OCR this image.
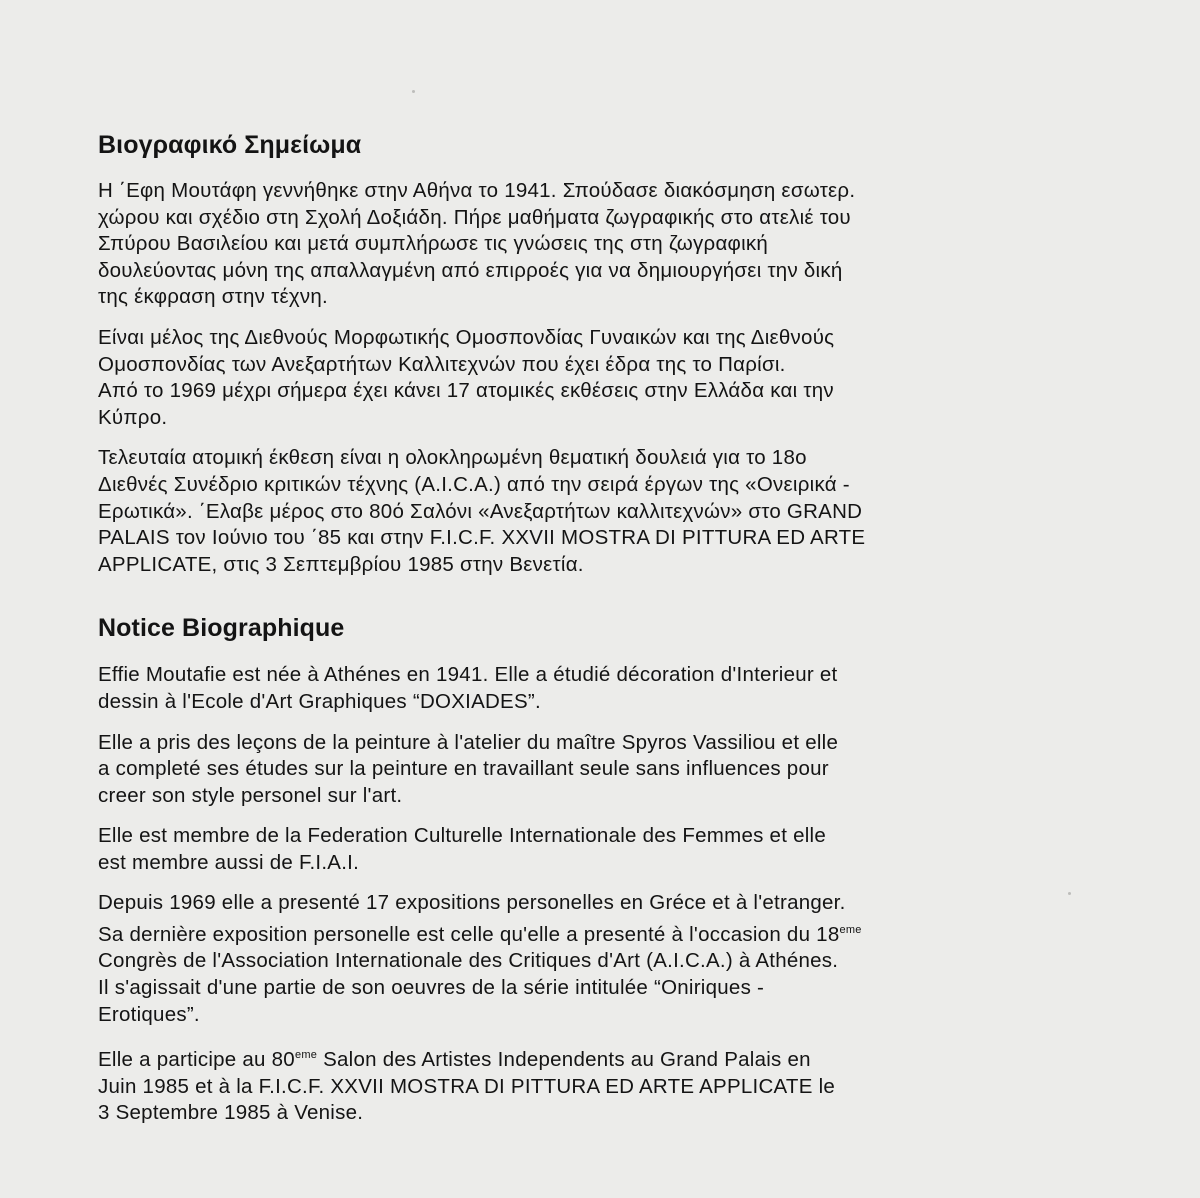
Βιογραφικό Σημείωμα

Η ΄Εφη Μουτάφη γεννήθηκε στην Αθήνα το 1941. Σπούδασε διακόσμηση εσωτερ.
χώρου και σχέδιο στη Σχολή Δοξιάδη. Πήρε μαθήματα ζωγραφικής στο ατελιέ του
Σπύρου Βασιλείου και μετά συμπλήρωσε τις γνώσεις της στη ζωγραφική
δουλεύοντας μόνη της απαλλαγμένη από επιρροές για να δημιουργήσει την δική
της έκφραση στην τέχνη.

Είναι μέλος της Διεθνούς Μορφωτικής Ομοσπονδίας Γυναικών και της Διεθνούς
Ομοσπονδίας των Ανεξαρτήτων Καλλιτεχνών που έχει έδρα της το Παρίσι.
Από το 1969 μέχρι σήμερα έχει κάνει 17 ατομικές εκθέσεις στην Ελλάδα και την
Κύπρο.

Τελευταία ατομική έκθεση είναι η ολοκληρωμένη θεματική δουλειά για το 18ο
Διεθνές Συνέδριο κριτικών τέχνης (A.I.C.A.) από την σειρά έργων της «Ονειρικά -
Ερωτικά». ΄Ελαβε μέρος στο 80ό Σαλόνι «Ανεξαρτήτων καλλιτεχνών» στο GRAND
PALAIS τον Ιούνιο του ΄85 και στην F.I.C.F. XXVII MOSTRA DI PITTURA ED ARTE
APPLICATE, στις 3 Σεπτεμβρίου 1985 στην Βενετία.

Notice Biographique

Effie Moutafie est née à Athénes en 1941. Elle a étudié décoration d'Interieur et
dessin à l'Ecole d'Art Graphiques “DOXIADES”.

Elle a pris des leçons de la peinture à l'atelier du maître Spyros Vassiliou et elle
a completé ses études sur la peinture en travaillant seule sans influences pour
creer son style personel sur l'art.

Elle est membre de la Federation Culturelle Internationale des Femmes et elle
est membre aussi de F.I.A.I.

Depuis 1969 elle a presenté 17 expositions personelles en Gréce et à l'etranger.
Sa dernière exposition personelle est celle qu'elle a presenté à l'occasion du 18eme
Congrès de l'Association Internationale des Critiques d'Art (A.I.C.A.) à Athénes.
Il s'agissait d'une partie de son oeuvres de la série intitulée “Oniriques -
Erotiques”.

Elle a participe au 80eme Salon des Artistes Independents au Grand Palais en
Juin 1985 et à la F.I.C.F. XXVII MOSTRA DI PITTURA ED ARTE APPLICATE le
3 Septembre 1985 à Venise.
